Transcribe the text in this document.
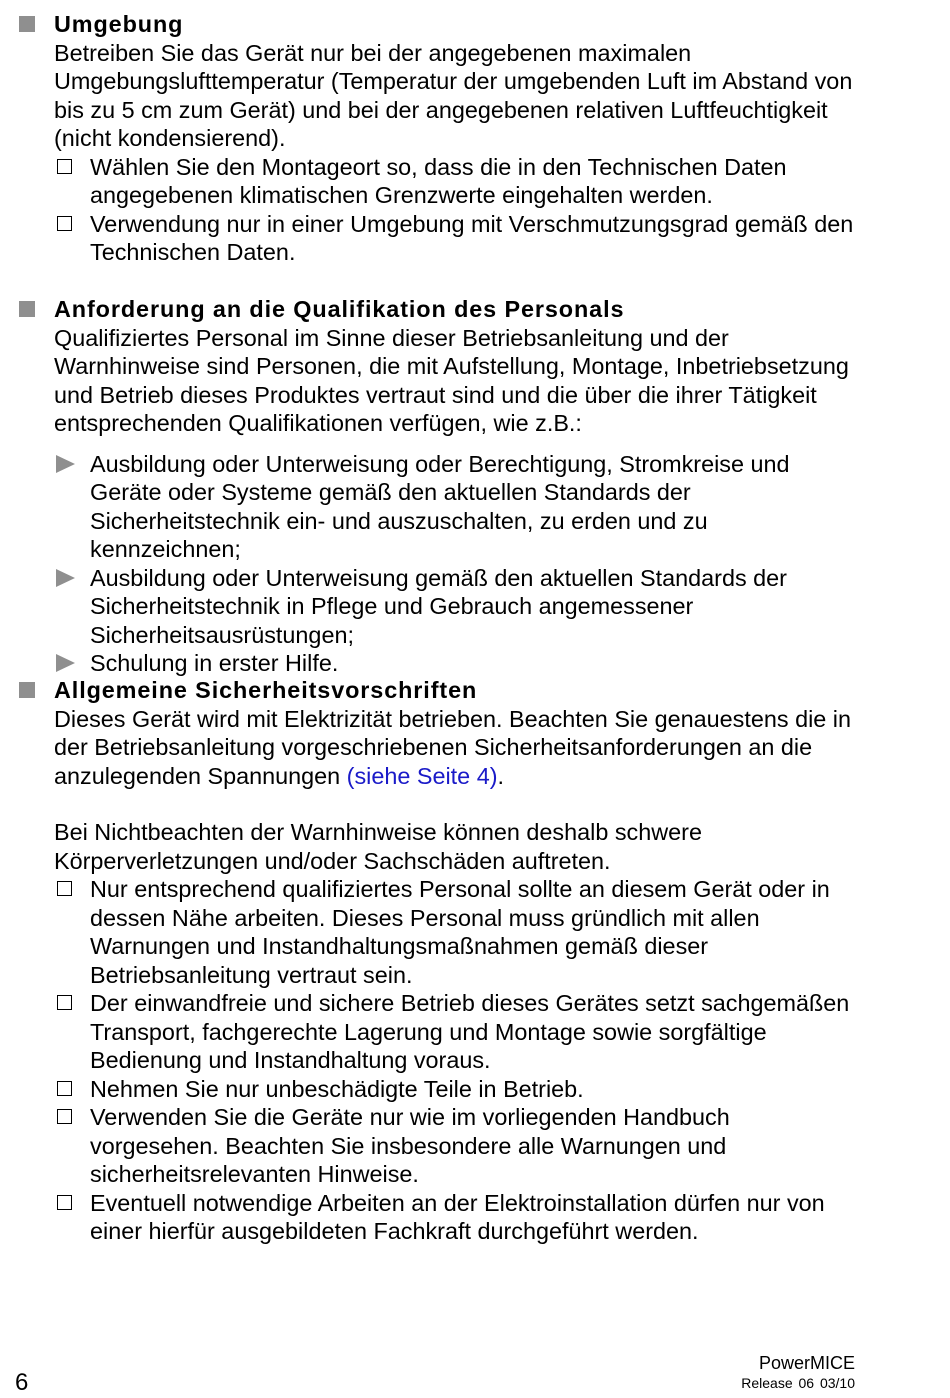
Umgebung
Betreiben Sie das Gerät nur bei der angegebenen maximalen Umgebungslufttemperatur (Temperatur der umgebenden Luft im Abstand von bis zu 5 cm zum Gerät) und bei der angegebenen relativen Luftfeuchtigkeit (nicht kondensierend).
Wählen Sie den Montageort so, dass die in den Technischen Daten angegebenen klimatischen Grenzwerte eingehalten werden.
Verwendung nur in einer Umgebung mit Verschmutzungsgrad gemäß den Technischen Daten.
Anforderung an die Qualifikation des Personals
Qualifiziertes Personal im Sinne dieser Betriebsanleitung und der Warnhinweise sind Personen, die mit Aufstellung, Montage, Inbetriebsetzung und Betrieb dieses Produktes vertraut sind und die über die ihrer Tätigkeit entsprechenden Qualifikationen verfügen, wie z.B.:
Ausbildung oder Unterweisung oder Berechtigung, Stromkreise und Geräte oder Systeme gemäß den aktuellen Standards der Sicherheitstechnik ein- und auszuschalten, zu erden und zu kennzeichnen;
Ausbildung oder Unterweisung gemäß den aktuellen Standards der Sicherheitstechnik in Pflege und Gebrauch angemessener Sicherheitsausrüstungen;
Schulung in erster Hilfe.
Allgemeine Sicherheitsvorschriften
Dieses Gerät wird mit Elektrizität betrieben. Beachten Sie genauestens die in der Betriebsanleitung vorgeschriebenen Sicherheitsanforderungen an die anzulegenden Spannungen (siehe Seite 4).
Bei Nichtbeachten der Warnhinweise können deshalb schwere Körperverletzungen und/oder Sachschäden auftreten.
Nur entsprechend qualifiziertes Personal sollte an diesem Gerät oder in dessen Nähe arbeiten. Dieses Personal muss gründlich mit allen Warnungen und Instandhaltungsmaßnahmen gemäß dieser Betriebsanleitung vertraut sein.
Der einwandfreie und sichere Betrieb dieses Gerätes setzt sachgemäßen Transport, fachgerechte Lagerung und Montage sowie sorgfältige Bedienung und Instandhaltung voraus.
Nehmen Sie nur unbeschädigte Teile in Betrieb.
Verwenden Sie die Geräte nur wie im vorliegenden Handbuch vorgesehen. Beachten Sie insbesondere alle Warnungen und sicherheitsrelevanten Hinweise.
Eventuell notwendige Arbeiten an der Elektroinstallation dürfen nur von einer hierfür ausgebildeten Fachkraft durchgeführt werden.
6
PowerMICE
Release 06 03/10
